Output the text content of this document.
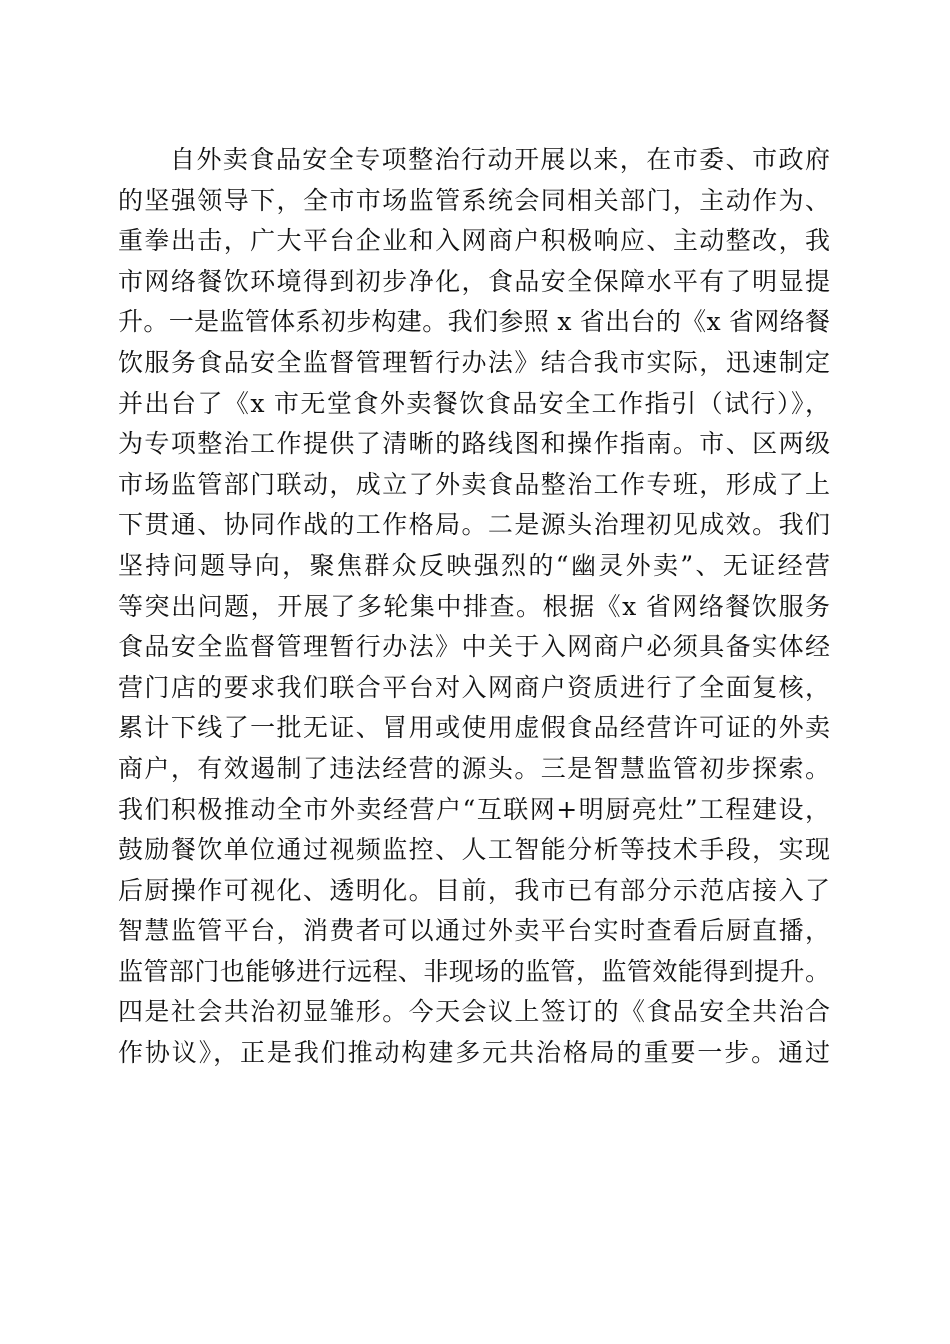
自外卖食品安全专项整治行动开展以来，在市委、市政府
的坚强领导下，全市市场监管系统会同相关部门，主动作为、
重拳出击，广大平台企业和入网商户积极响应、主动整改，我
市网络餐饮环境得到初步净化，食品安全保障水平有了明显提
升。一是监管体系初步构建。我们参照 x 省出台的《x 省网络餐
饮服务食品安全监督管理暂行办法》结合我市实际，迅速制定
并出台了《x 市无堂食外卖餐饮食品安全工作指引（试行）》，
为专项整治工作提供了清晰的路线图和操作指南。市、区两级
市场监管部门联动，成立了外卖食品整治工作专班，形成了上
下贯通、协同作战的工作格局。二是源头治理初见成效。我们
坚持问题导向，聚焦群众反映强烈的“幽灵外卖”、无证经营
等突出问题，开展了多轮集中排查。根据《x 省网络餐饮服务
食品安全监督管理暂行办法》中关于入网商户必须具备实体经
营门店的要求我们联合平台对入网商户资质进行了全面复核，
累计下线了一批无证、冒用或使用虚假食品经营许可证的外卖
商户，有效遏制了违法经营的源头。三是智慧监管初步探索。
我们积极推动全市外卖经营户“互联网+明厨亮灶”工程建设，
鼓励餐饮单位通过视频监控、人工智能分析等技术手段，实现
后厨操作可视化、透明化。目前，我市已有部分示范店接入了
智慧监管平台，消费者可以通过外卖平台实时查看后厨直播，
监管部门也能够进行远程、非现场的监管，监管效能得到提升。
四是社会共治初显雏形。今天会议上签订的《食品安全共治合
作协议》，正是我们推动构建多元共治格局的重要一步。通过
